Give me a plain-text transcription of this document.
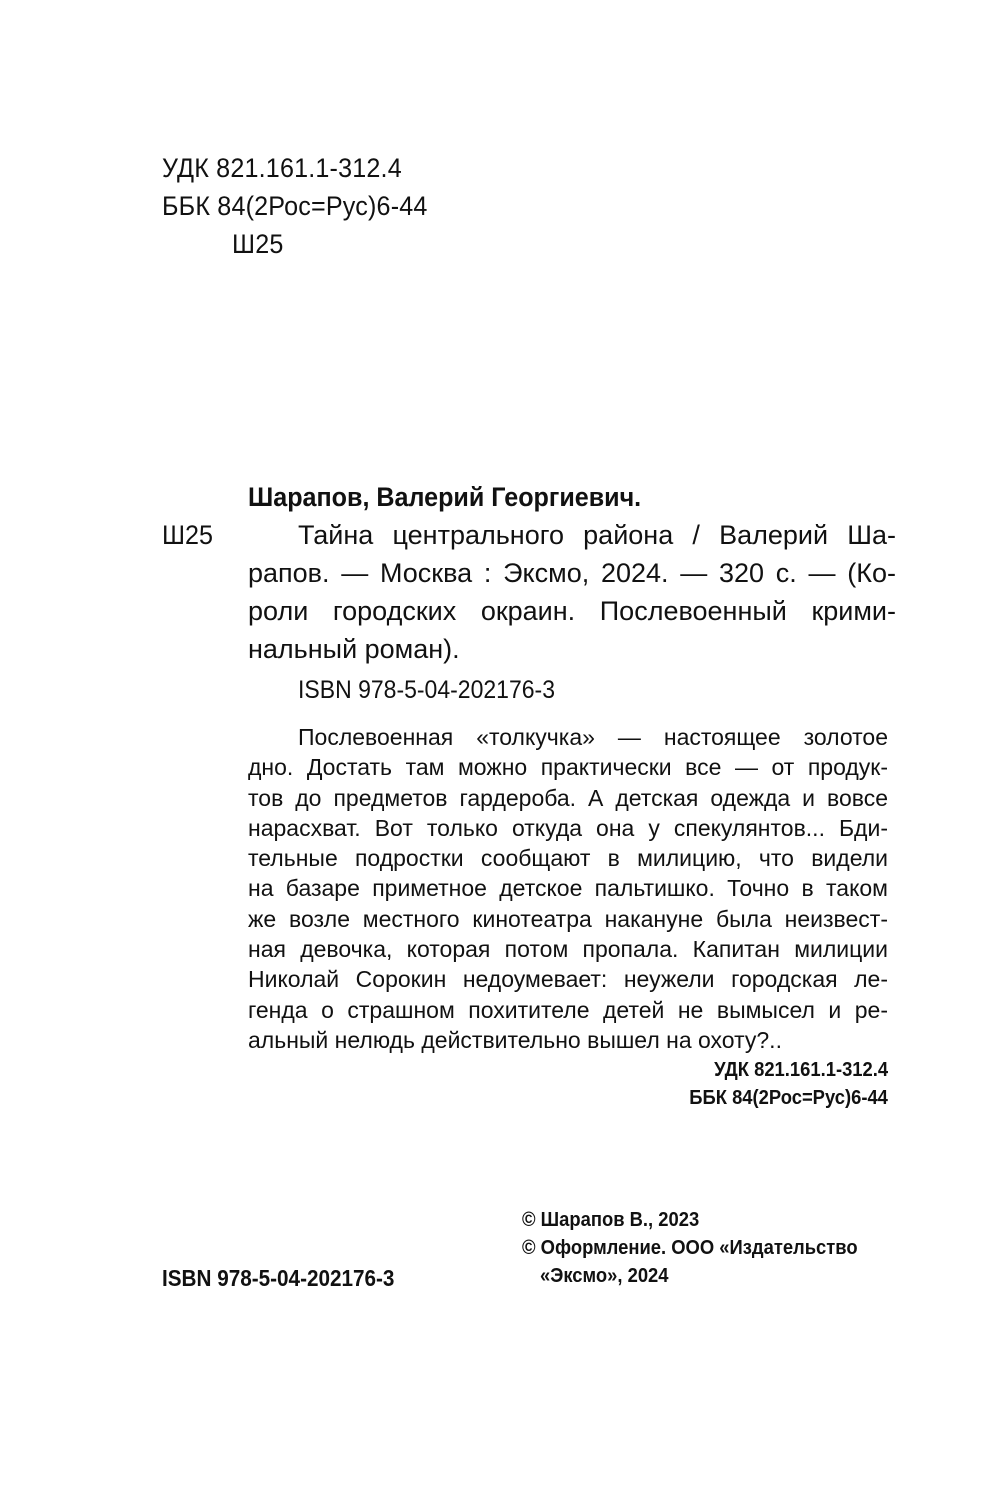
УДК 821.161.1-312.4
ББК 84(2Рос=Рус)6-44
Ш25
Шарапов, Валерий Георгиевич.
Ш25	Тайна центрального района / Валерий Ша-
рапов. — Москва : Эксмо, 2024. — 320 с. — (Ко-
роли городских окраин. Послевоенный крими-
нальный роман).
ISBN 978-5-04-202176-3
Послевоенная «толкучка» — настоящее золотое
дно. Достать там можно практически все — от продук-
тов до предметов гардероба. А детская одежда и вовсе
нарасхват. Вот только откуда она у спекулянтов... Бди-
тельные подростки сообщают в милицию, что видели
на базаре приметное детское пальтишко. Точно в таком
же возле местного кинотеатра накануне была неизвест-
ная девочка, которая потом пропала. Капитан милиции
Николай Сорокин недоумевает: неужели городская ле-
генда о страшном похитителе детей не вымысел и ре-
альный нелюдь действительно вышел на охоту?..
УДК 821.161.1-312.4
ББК 84(2Рос=Рус)6-44
© Шарапов В., 2023
© Оформление. ООО «Издательство
«Эксмо», 2024
ISBN 978-5-04-202176-3
